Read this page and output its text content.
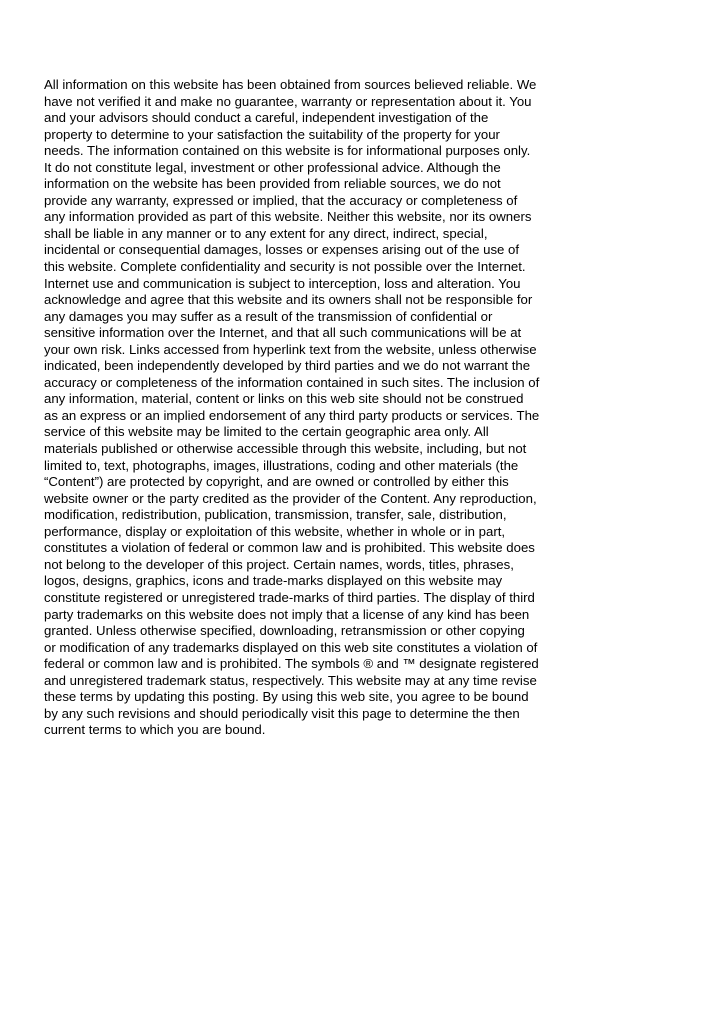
All information on this website has been obtained from sources believed reliable. We
have not verified it and make no guarantee, warranty or representation about it. You
and your advisors should conduct a careful, independent investigation of the
property to determine to your satisfaction the suitability of the property for your
needs. The information contained on this website is for informational purposes only.
It do not constitute legal, investment or other professional advice. Although the
information on the website has been provided from reliable sources, we do not
provide any warranty, expressed or implied, that the accuracy or completeness of
any information provided as part of this website. Neither this website, nor its owners
shall be liable in any manner or to any extent for any direct, indirect, special,
incidental or consequential damages, losses or expenses arising out of the use of
this website. Complete confidentiality and security is not possible over the Internet.
Internet use and communication is subject to interception, loss and alteration. You
acknowledge and agree that this website and its owners shall not be responsible for
any damages you may suffer as a result of the transmission of confidential or
sensitive information over the Internet, and that all such communications will be at
your own risk. Links accessed from hyperlink text from the website, unless otherwise
indicated, been independently developed by third parties and we do not warrant the
accuracy or completeness of the information contained in such sites. The inclusion of
any information, material, content or links on this web site should not be construed
as an express or an implied endorsement of any third party products or services. The
service of this website may be limited to the certain geographic area only. All
materials published or otherwise accessible through this website, including, but not
limited to, text, photographs, images, illustrations, coding and other materials (the
“Content”) are protected by copyright, and are owned or controlled by either this
website owner or the party credited as the provider of the Content. Any reproduction,
modification, redistribution, publication, transmission, transfer, sale, distribution,
performance, display or exploitation of this website, whether in whole or in part,
constitutes a violation of federal or common law and is prohibited. This website does
not belong to the developer of this project. Certain names, words, titles, phrases,
logos, designs, graphics, icons and trade-marks displayed on this website may
constitute registered or unregistered trade-marks of third parties. The display of third
party trademarks on this website does not imply that a license of any kind has been
granted. Unless otherwise specified, downloading, retransmission or other copying
or modification of any trademarks displayed on this web site constitutes a violation of
federal or common law and is prohibited. The symbols ® and ™ designate registered
and unregistered trademark status, respectively. This website may at any time revise
these terms by updating this posting. By using this web site, you agree to be bound
by any such revisions and should periodically visit this page to determine the then
current terms to which you are bound.
